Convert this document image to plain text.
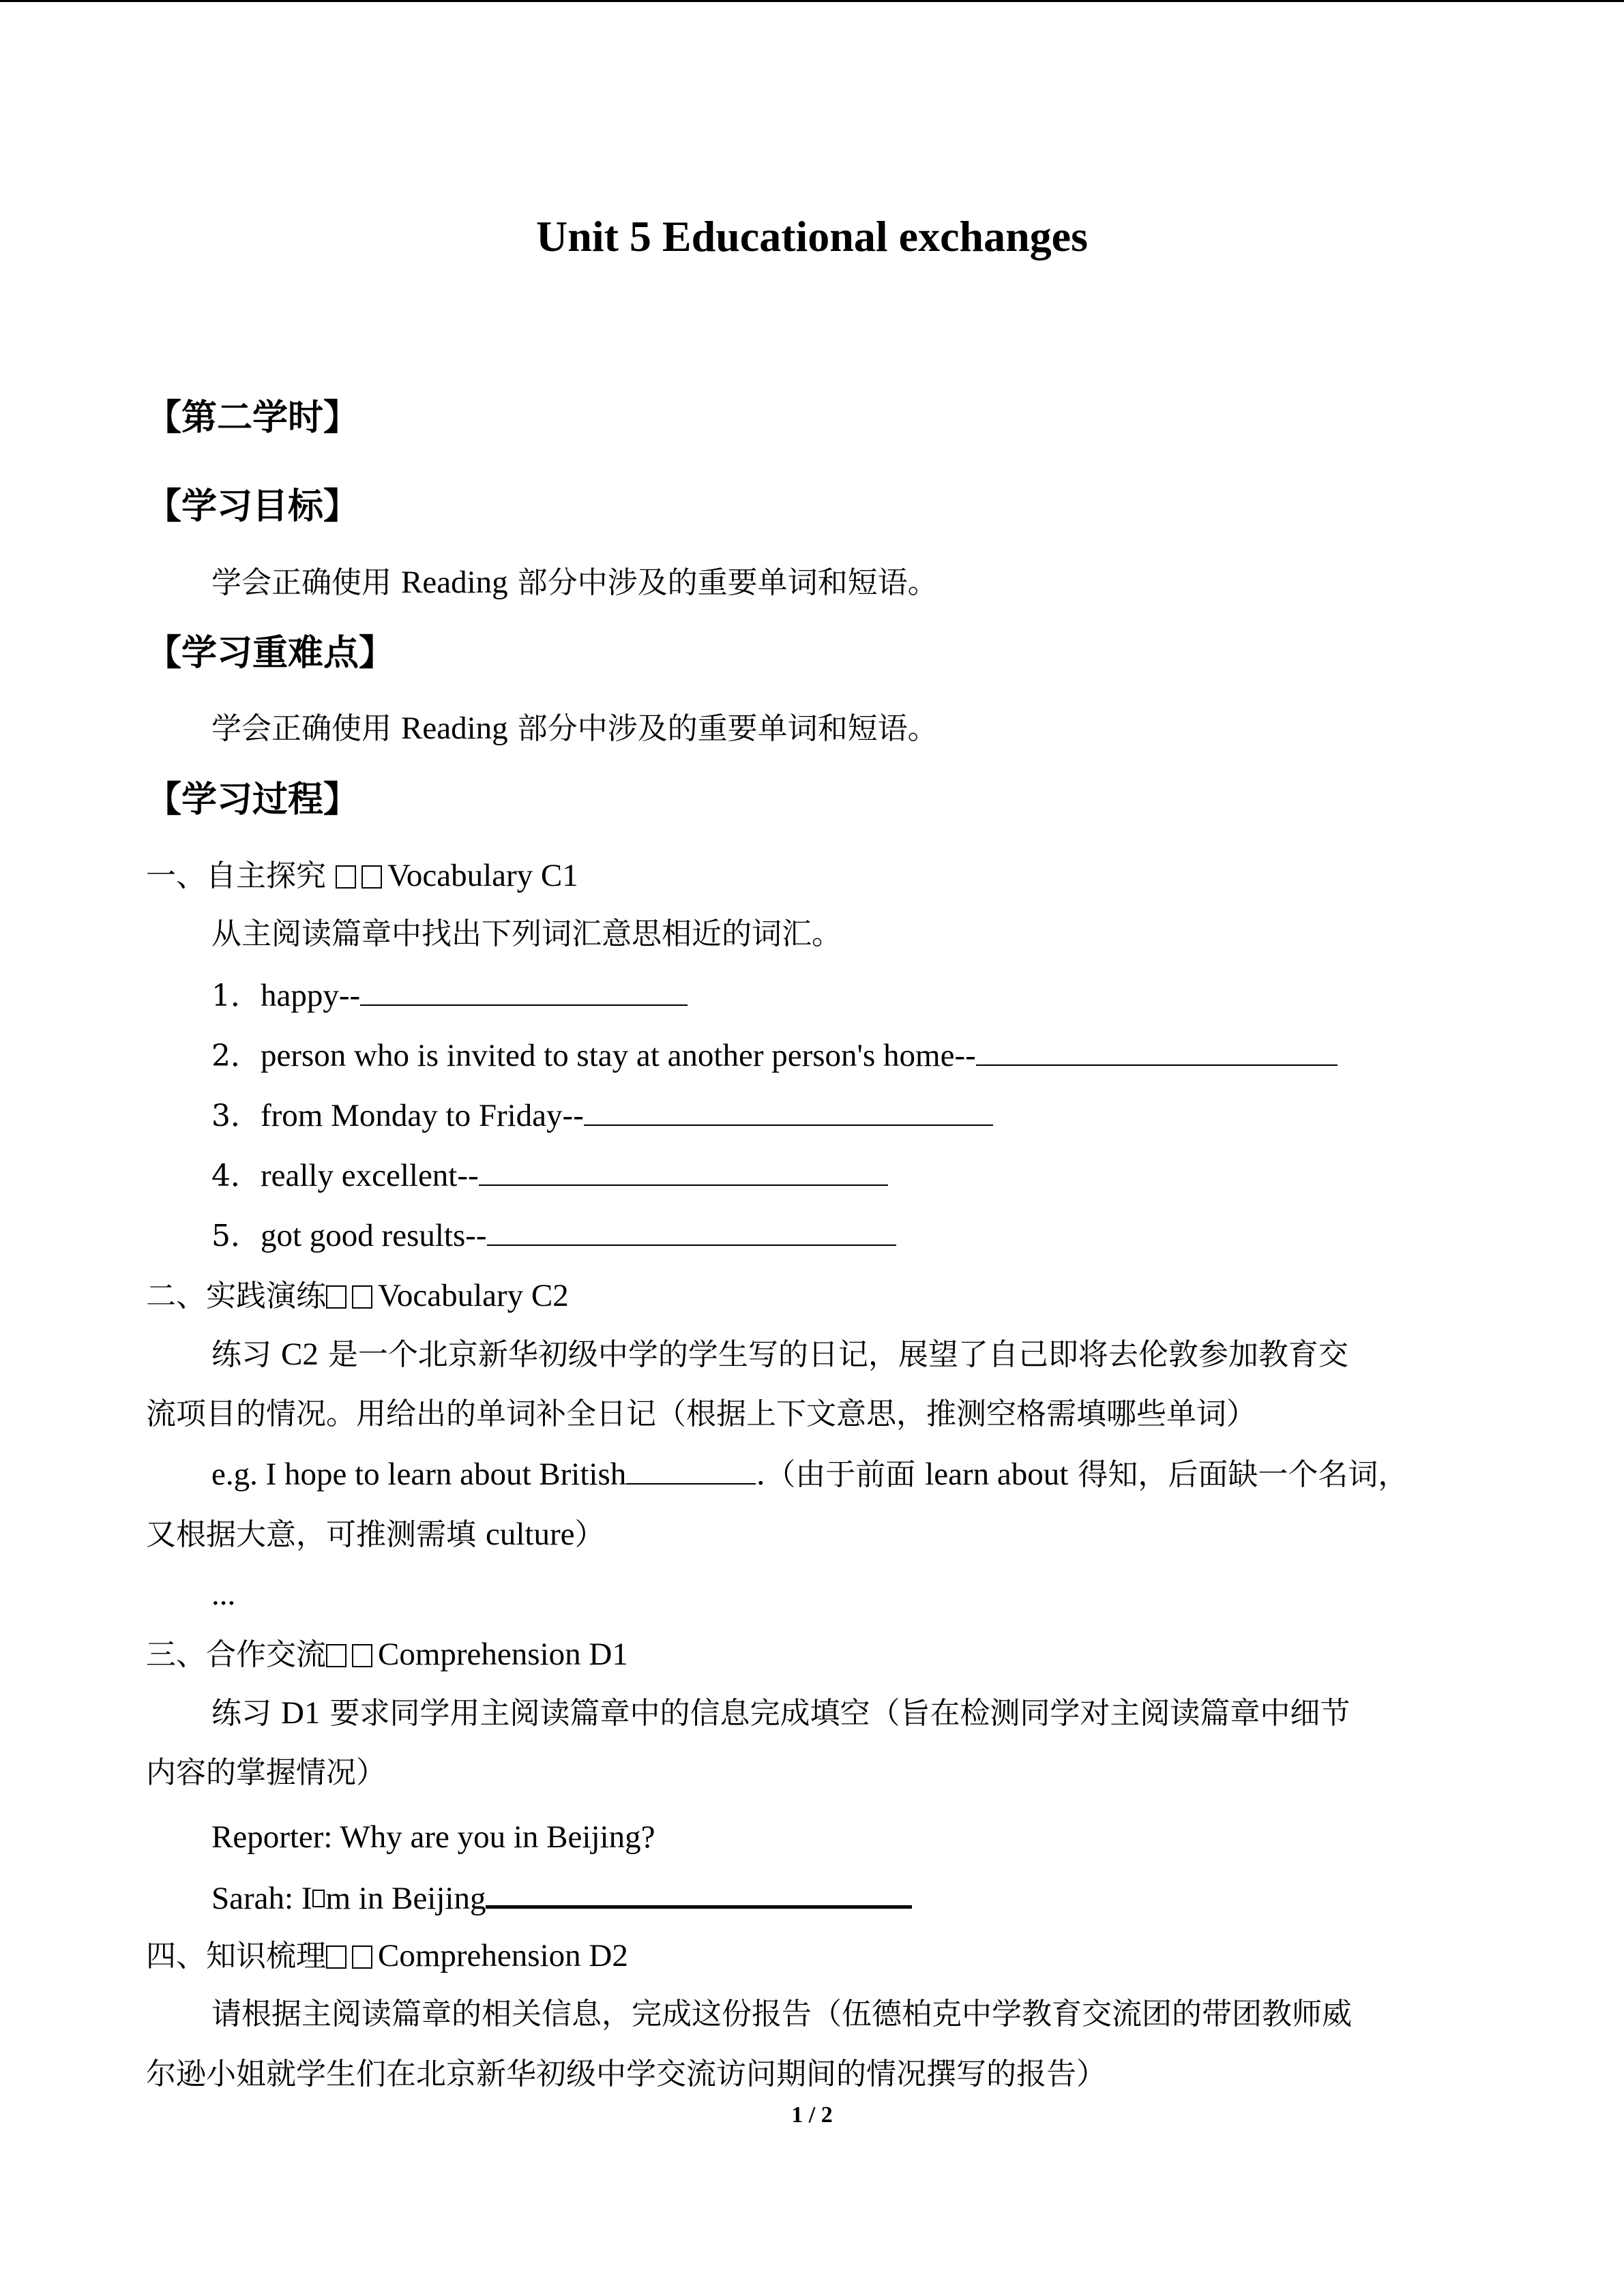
Unit 5 Educational exchanges
【第二学时】
【学习目标】
学会正确使用 Reading 部分中涉及的重要单词和短语。
【学习重难点】
学会正确使用 Reading 部分中涉及的重要单词和短语。
【学习过程】
一、自主探究 Vocabulary C1
从主阅读篇章中找出下列词汇意思相近的词汇。
1．happy--
2．person who is invited to stay at another person's home--
3．from Monday to Friday--
4．really excellent--
5．got good results--
二、实践演练 Vocabulary C2
练习 C2 是一个北京新华初级中学的学生写的日记，展望了自己即将去伦敦参加教育交
流项目的情况。用给出的单词补全日记（根据上下文意思，推测空格需填哪些单词）
e.g. I hope to learn about British	.（由于前面 learn about 得知，后面缺一个名词，
又根据大意，可推测需填 culture）
...
三、合作交流 Comprehension D1
练习 D1 要求同学用主阅读篇章中的信息完成填空（旨在检测同学对主阅读篇章中细节
内容的掌握情况）
Reporter: Why are you in Beijing?
Sarah: I m in Beijing
四、知识梳理 Comprehension D2
请根据主阅读篇章的相关信息，完成这份报告（伍德柏克中学教育交流团的带团教师威
尔逊小姐就学生们在北京新华初级中学交流访问期间的情况撰写的报告）
1 / 2
